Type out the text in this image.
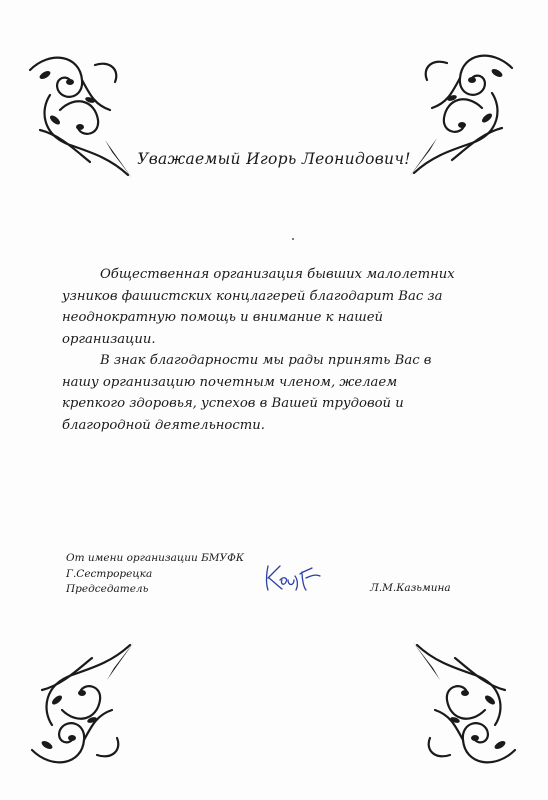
Уважаемый Игорь Леонидович!

Общественная организация бывших малолетних узников фашистских концлагерей благодарит Вас за неоднократную помощь и внимание к нашей организации.

В знак благодарности мы рады принять Вас в нашу организацию почетным членом, желаем крепкого здоровья, успехов в Вашей трудовой и благородной деятельности.

От имени организации БМУФК
Г.Сестрорецка
Председатель	Л.М.Казьмина
